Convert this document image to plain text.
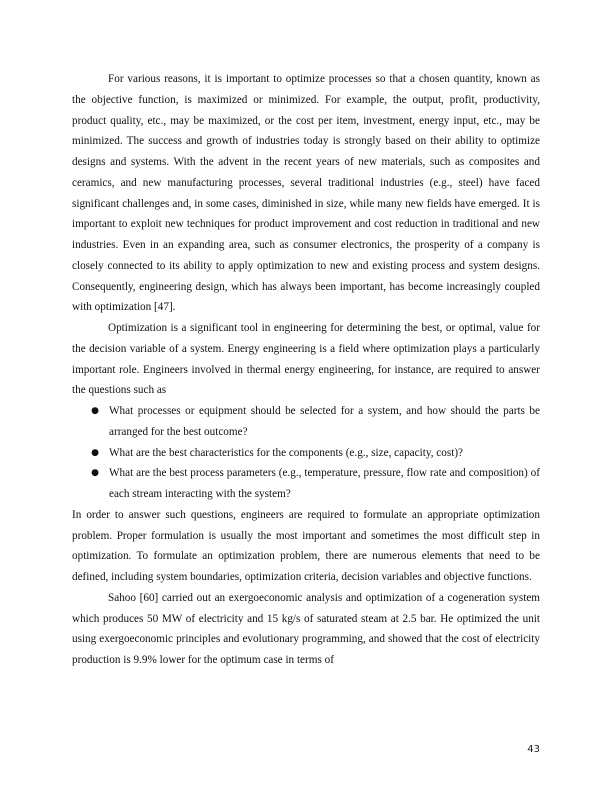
For various reasons, it is important to optimize processes so that a chosen quantity, known as the objective function, is maximized or minimized. For example, the output, profit, productivity, product quality, etc., may be maximized, or the cost per item, investment, energy input, etc., may be minimized. The success and growth of industries today is strongly based on their ability to optimize designs and systems. With the advent in the recent years of new materials, such as composites and ceramics, and new manufacturing processes, several traditional industries (e.g., steel) have faced significant challenges and, in some cases, diminished in size, while many new fields have emerged. It is important to exploit new techniques for product improvement and cost reduction in traditional and new industries. Even in an expanding area, such as consumer electronics, the prosperity of a company is closely connected to its ability to apply optimization to new and existing process and system designs. Consequently, engineering design, which has always been important, has become increasingly coupled with optimization [47].

Optimization is a significant tool in engineering for determining the best, or optimal, value for the decision variable of a system. Energy engineering is a field where optimization plays a particularly important role. Engineers involved in thermal energy engineering, for instance, are required to answer the questions such as

● What processes or equipment should be selected for a system, and how should the parts be arranged for the best outcome?
● What are the best characteristics for the components (e.g., size, capacity, cost)?
● What are the best process parameters (e.g., temperature, pressure, flow rate and composition) of each stream interacting with the system?

In order to answer such questions, engineers are required to formulate an appropriate optimization problem. Proper formulation is usually the most important and sometimes the most difficult step in optimization. To formulate an optimization problem, there are numerous elements that need to be defined, including system boundaries, optimization criteria, decision variables and objective functions.

Sahoo [60] carried out an exergoeconomic analysis and optimization of a cogeneration system which produces 50 MW of electricity and 15 kg/s of saturated steam at 2.5 bar. He optimized the unit using exergoeconomic principles and evolutionary programming, and showed that the cost of electricity production is 9.9% lower for the optimum case in terms of

43
